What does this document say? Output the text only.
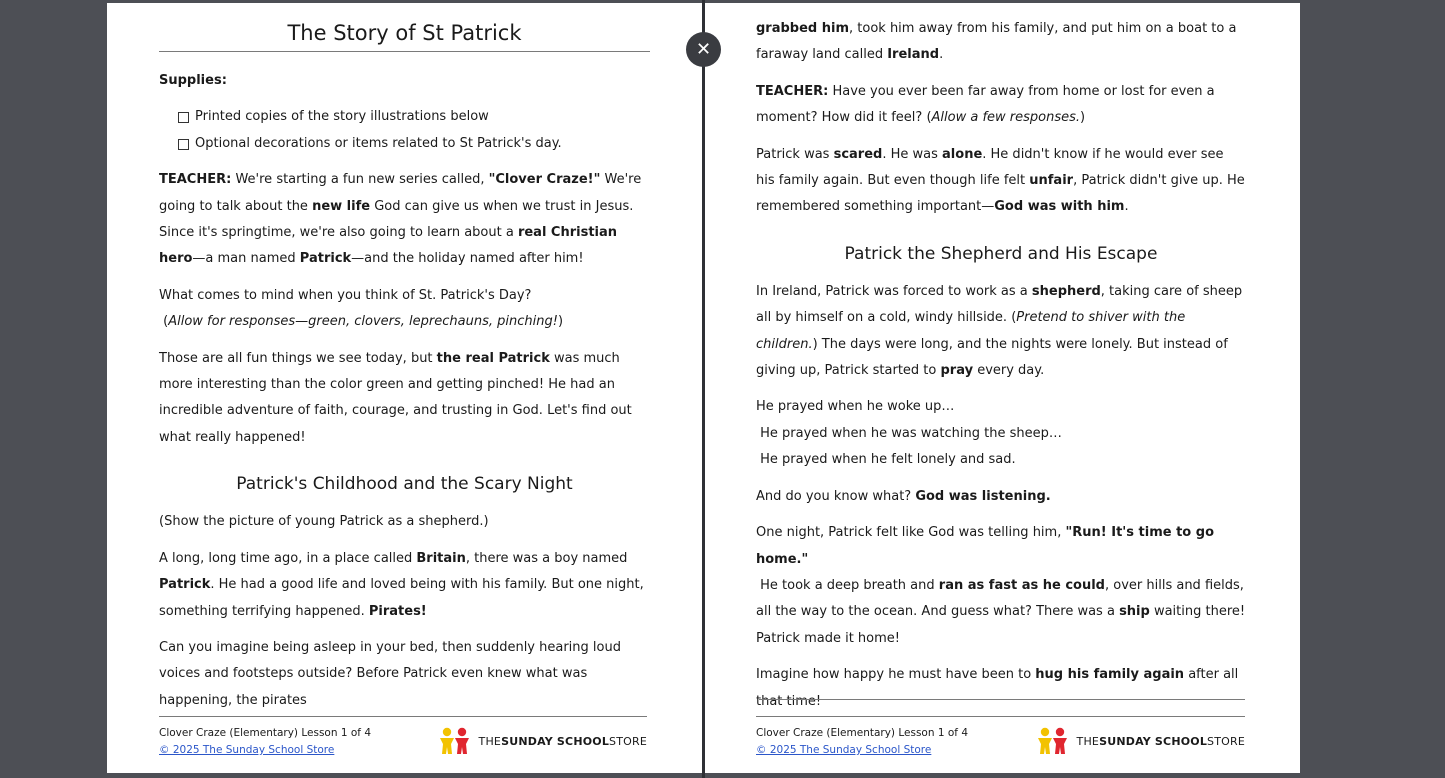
The Story of St Patrick

Supplies:

Printed copies of the story illustrations below
Optional decorations or items related to St Patrick's day.

TEACHER: We're starting a fun new series called, "Clover Craze!" We're going to talk about the new life God can give us when we trust in Jesus. Since it's springtime, we're also going to learn about a real Christian hero—a man named Patrick—and the holiday named after him!

What comes to mind when you think of St. Patrick's Day?
(Allow for responses—green, clovers, leprechauns, pinching!)

Those are all fun things we see today, but the real Patrick was much more interesting than the color green and getting pinched! He had an incredible adventure of faith, courage, and trusting in God. Let's find out what really happened!

Patrick's Childhood and the Scary Night

(Show the picture of young Patrick as a shepherd.)

A long, long time ago, in a place called Britain, there was a boy named Patrick. He had a good life and loved being with his family. But one night, something terrifying happened. Pirates!

Can you imagine being asleep in your bed, then suddenly hearing loud voices and footsteps outside? Before Patrick even knew what was happening, the pirates

Clover Craze (Elementary) Lesson 1 of 4
© 2025 The Sunday School Store
THE SUNDAY SCHOOL STORE

grabbed him, took him away from his family, and put him on a boat to a faraway land called Ireland.

TEACHER: Have you ever been far away from home or lost for even a moment? How did it feel? (Allow a few responses.)

Patrick was scared. He was alone. He didn't know if he would ever see his family again. But even though life felt unfair, Patrick didn't give up. He remembered something important—God was with him.

Patrick the Shepherd and His Escape

In Ireland, Patrick was forced to work as a shepherd, taking care of sheep all by himself on a cold, windy hillside. (Pretend to shiver with the children.) The days were long, and the nights were lonely. But instead of giving up, Patrick started to pray every day.

He prayed when he woke up…
He prayed when he was watching the sheep…
He prayed when he felt lonely and sad.

And do you know what? God was listening.

One night, Patrick felt like God was telling him, "Run! It's time to go home."
He took a deep breath and ran as fast as he could, over hills and fields, all the way to the ocean. And guess what? There was a ship waiting there! Patrick made it home!

Imagine how happy he must have been to hug his family again after all that time!

Clover Craze (Elementary) Lesson 1 of 4
© 2025 The Sunday School Store
THE SUNDAY SCHOOL STORE
✕
